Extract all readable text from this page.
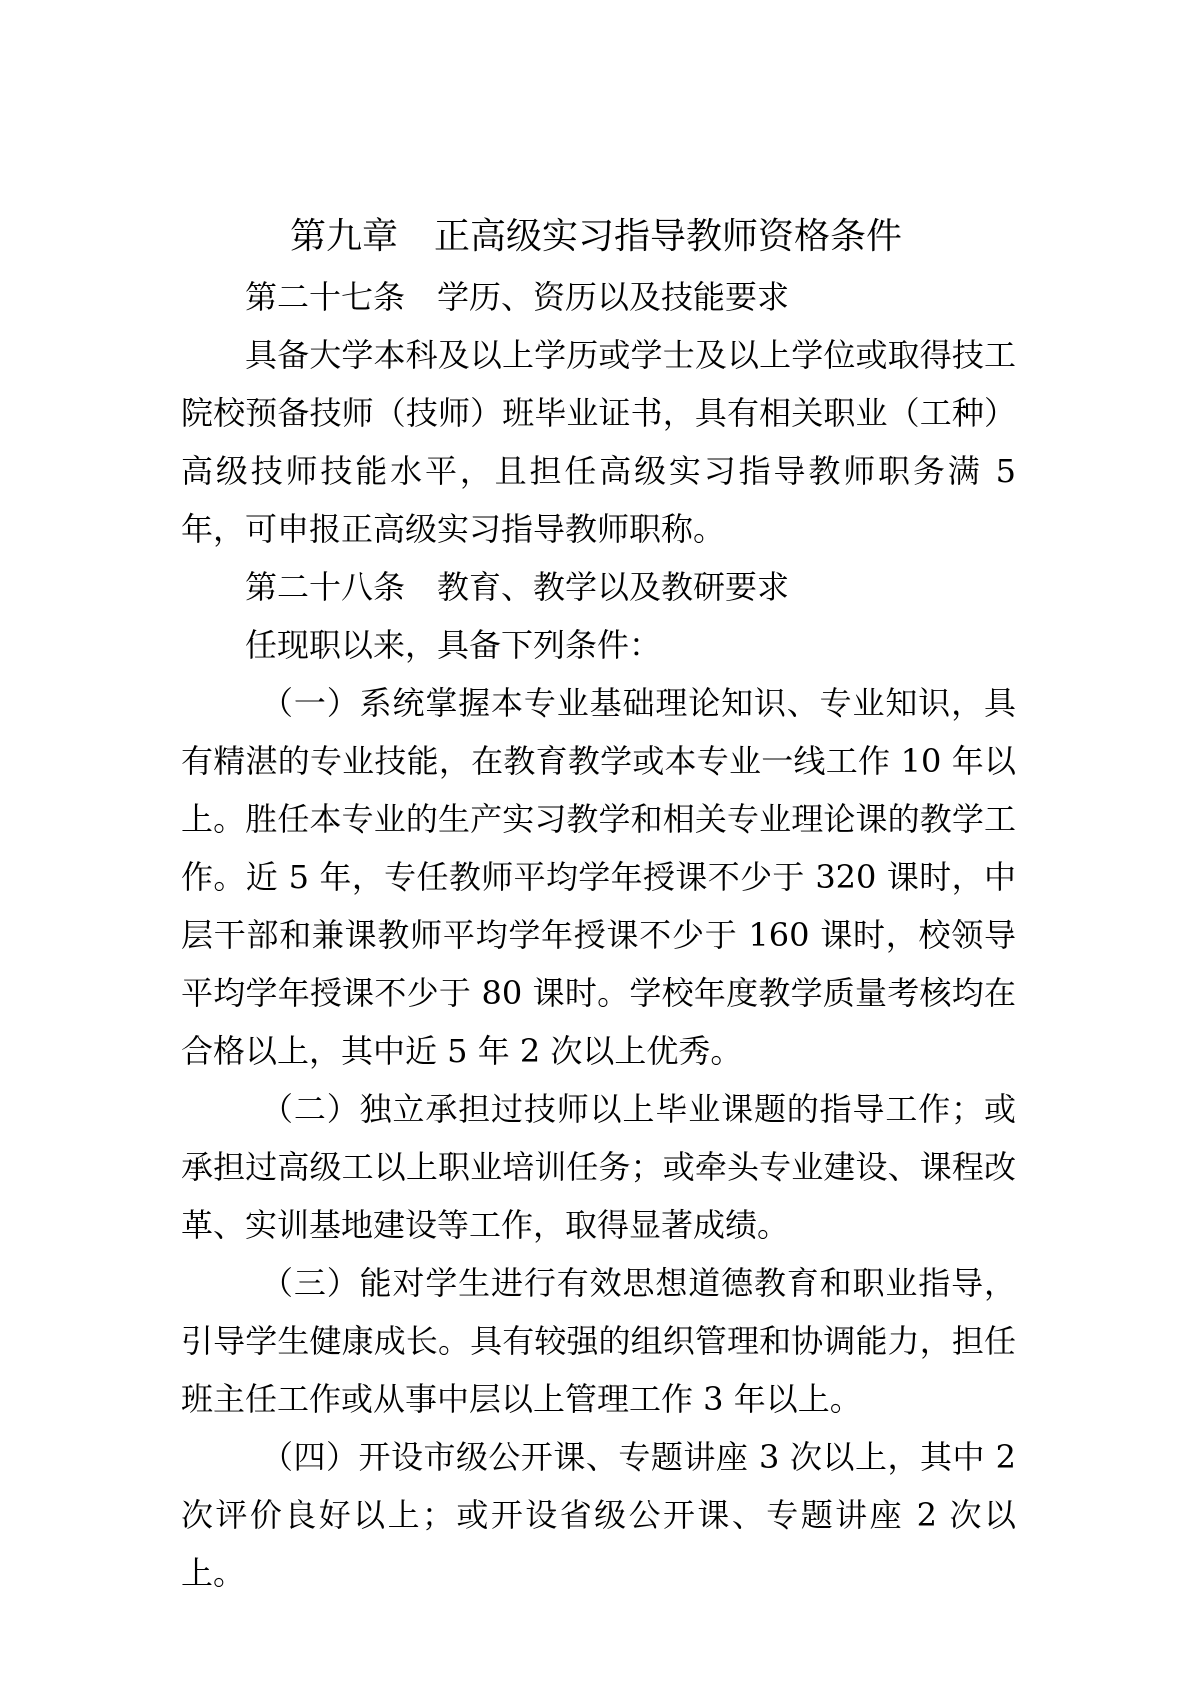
第九章　正高级实习指导教师资格条件

第二十七条　学历、资历以及技能要求

具备大学本科及以上学历或学士及以上学位或取得技工院校预备技师（技师）班毕业证书，具有相关职业（工种）高级技师技能水平，且担任高级实习指导教师职务满 5 年，可申报正高级实习指导教师职称。

第二十八条　教育、教学以及教研要求

任现职以来，具备下列条件：

（一）系统掌握本专业基础理论知识、专业知识，具有精湛的专业技能，在教育教学或本专业一线工作 10 年以上。胜任本专业的生产实习教学和相关专业理论课的教学工作。近 5 年，专任教师平均学年授课不少于 320 课时，中层干部和兼课教师平均学年授课不少于 160 课时，校领导平均学年授课不少于 80 课时。学校年度教学质量考核均在合格以上，其中近 5 年 2 次以上优秀。

（二）独立承担过技师以上毕业课题的指导工作；或承担过高级工以上职业培训任务；或牵头专业建设、课程改革、实训基地建设等工作，取得显著成绩。

（三）能对学生进行有效思想道德教育和职业指导，引导学生健康成长。具有较强的组织管理和协调能力，担任班主任工作或从事中层以上管理工作 3 年以上。

（四）开设市级公开课、专题讲座 3 次以上，其中 2 次评价良好以上；或开设省级公开课、专题讲座 2 次以上。
